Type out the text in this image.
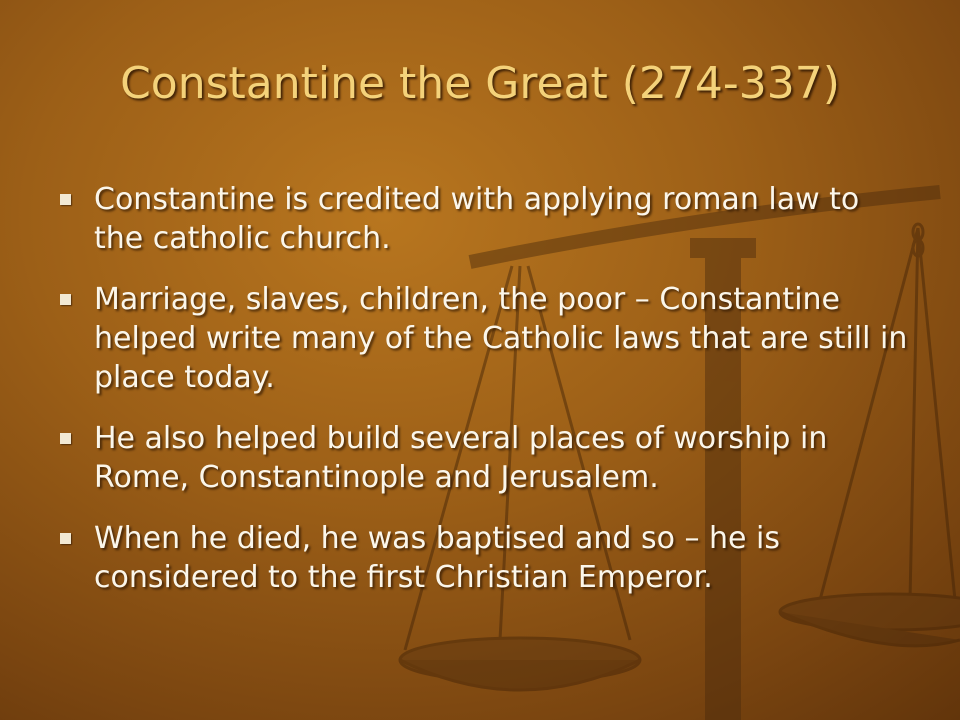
Constantine the Great (274-337)
Constantine is credited with applying roman law to the catholic church.
Marriage, slaves, children, the poor – Constantine helped write many of the Catholic laws that are still in place today.
He also helped build several places of worship in Rome, Constantinople and Jerusalem.
When he died, he was baptised and so – he is considered to the first Christian Emperor.
